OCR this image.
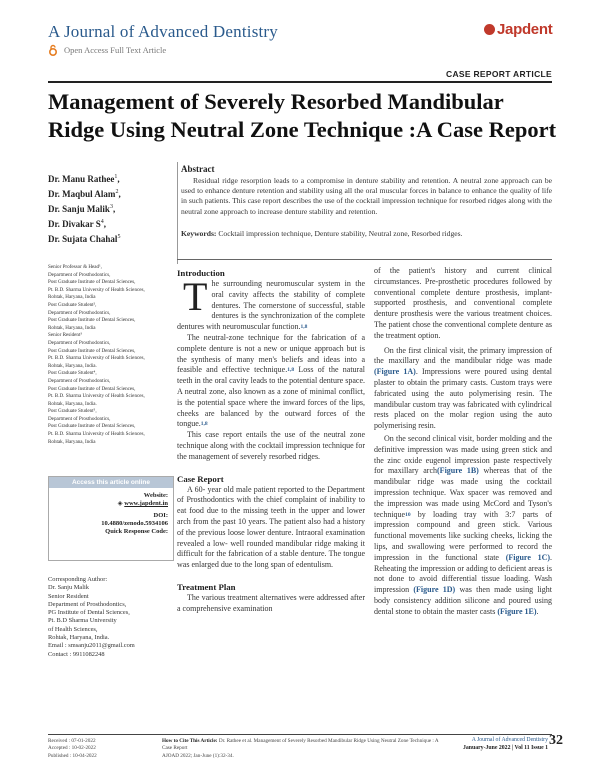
A Journal of Advanced Dentistry	Japdent
Open Access Full Text Article
CASE REPORT ARTICLE
Management of Severely Resorbed Mandibular Ridge Using Neutral Zone Technique :A Case Report
Dr. Manu Rathee$^1$,
Dr. Maqbul Alam$^2$,
Dr. Sanju Malik$^3$,
Dr. Divakar $S^4$,
Dr. Sujata Chahal$^5$
Abstract
Residual ridge resorption leads to a compromise in denture stability and retention. A neutral zone approach can be used to enhance denture retention and stability using all the oral muscular forces in balance to enhance the quality of life in such patients. This case report describes the use of the cocktail impression technique for resorbed ridges along with the neutral zone approach to increase denture stability and retention.
Keywords: Cocktail impression technique, Denture stability, Neutral zone, Resorbed ridges.
Senior Professor & Head¹,
Department of Prosthodontics,
Post Graduate Institute of Dental Sciences,
Pt. B.D. Sharma University of Health Sciences,
Rohtak, Haryana, India
Post Graduate Student²,
Department of Prosthodontics,
Post Graduate Institute of Dental Sciences,
Rohtak, Haryana, India
Senior Resident³
Department of Prosthodontics,
Post Graduate Institute of Dental Sciences,
Pt. B.D. Sharma University of Health Sciences,
Rohtak, Haryana, India.
Post Graduate Student⁴,
Department of Prosthodontics,
Post Graduate Institute of Dental Sciences,
Pt. B.D. Sharma University of Health Sciences,
Rohtak, Haryana, India.
Post Graduate Student⁵,
Department of Prosthodontics,
Post Graduate Institute of Dental Sciences,
Pt. B.D. Sharma University of Health Sciences,
Rohtak, Haryana, India
Access this article online
Website:
◈ www.japdent.in
DOI:
10.4880/zenodo.5934106
Quick Response Code:
Corresponding Author:
Dr. Sanju Malik
Senior Resident
Department of Prosthodontics,
PG Institute of Dental Sciences,
Pt. B.D Sharma University
of Health Sciences,
Rohtak, Haryana, India.
Email : smsanju2011@gmail.com
Contact : 9911082248
Introduction
The surrounding neuromuscular system in the oral cavity affects the stability of complete dentures. The cornerstone of successful, stable dentures is the synchronization of the complete dentures with neuromuscular function.$^{1,8}$
The neutral-zone technique for the fabrication of a complete denture is not a new or unique approach but is the synthesis of many men's beliefs and ideas into a feasible and effective technique.$^{1,8}$ Loss of the natural teeth in the oral cavity leads to the potential denture space. A neutral zone, also known as a zone of minimal conflict, is the potential space where the inward forces of the lips, cheeks are balanced by the outward forces of the tongue.$^{1,8}$
This case report entails the use of the neutral zone technique along with the cocktail impression technique for the management of severely resorbed ridges.
Case Report
A 60- year old male patient reported to the Department of Prosthodontics with the chief complaint of inability to eat food due to the missing teeth in the upper and lower arch from the past 10 years. The patient also had a history of the previous loose lower denture. Intraoral examination revealed a low- well rounded mandibular ridge making it difficult for the fabrication of a stable denture. The tongue was enlarged due to the long span of edentulism.
Treatment Plan
The various treatment alternatives were addressed after a comprehensive examination
of the patient's history and current clinical circumstances. Pre-prosthetic procedures followed by conventional complete denture prosthesis, implant-supported prosthesis, and conventional complete denture prosthesis were the various treatment choices. The patient chose the conventional complete denture as the treatment option.
On the first clinical visit, the primary impression of the maxillary and the mandibular ridge was made (Figure 1A). Impressions were poured using dental plaster to obtain the primary casts. Custom trays were fabricated using the auto polymerising resin. The mandibular custom tray was fabricated with cylindrical rests placed on the molar region using the auto polymerising resin.
On the second clinical visit, border molding and the definitive impression was made using green stick and the zinc oxide eugenol impression paste respectively for maxillary arch(Figure 1B) whereas that of the mandibular ridge was made using the cocktail impression technique. Wax spacer was removed and the impression was made using McCord and Tyson's technique$^{10}$ by loading tray with 3:7 parts of impression compound and green stick. Various functional movements like sucking cheeks, licking the lips, and swallowing were performed to record the impression in the functional state (Figure 1C). Reheating the impression or adding to deficient areas is not done to avoid differential tissue loading. Wash impression (Figure 1D) was then made using light body consistency addition silicone and poured using dental stone to obtain the master casts (Figure 1E).
Received : 07-01-2022
Accepted : 10-02-2022
Published : 10-04-2022
How to Cite This Article: Dr. Rathee et al. Management of Severely Resorbed Mandibular Ridge Using Neutral Zone Technique : A Case Report
AJOAD 2022; Jan-June (1):32-34.
A Journal of Advanced Dentistry
January-June 2022 | Vol 11 Issue 1 32
